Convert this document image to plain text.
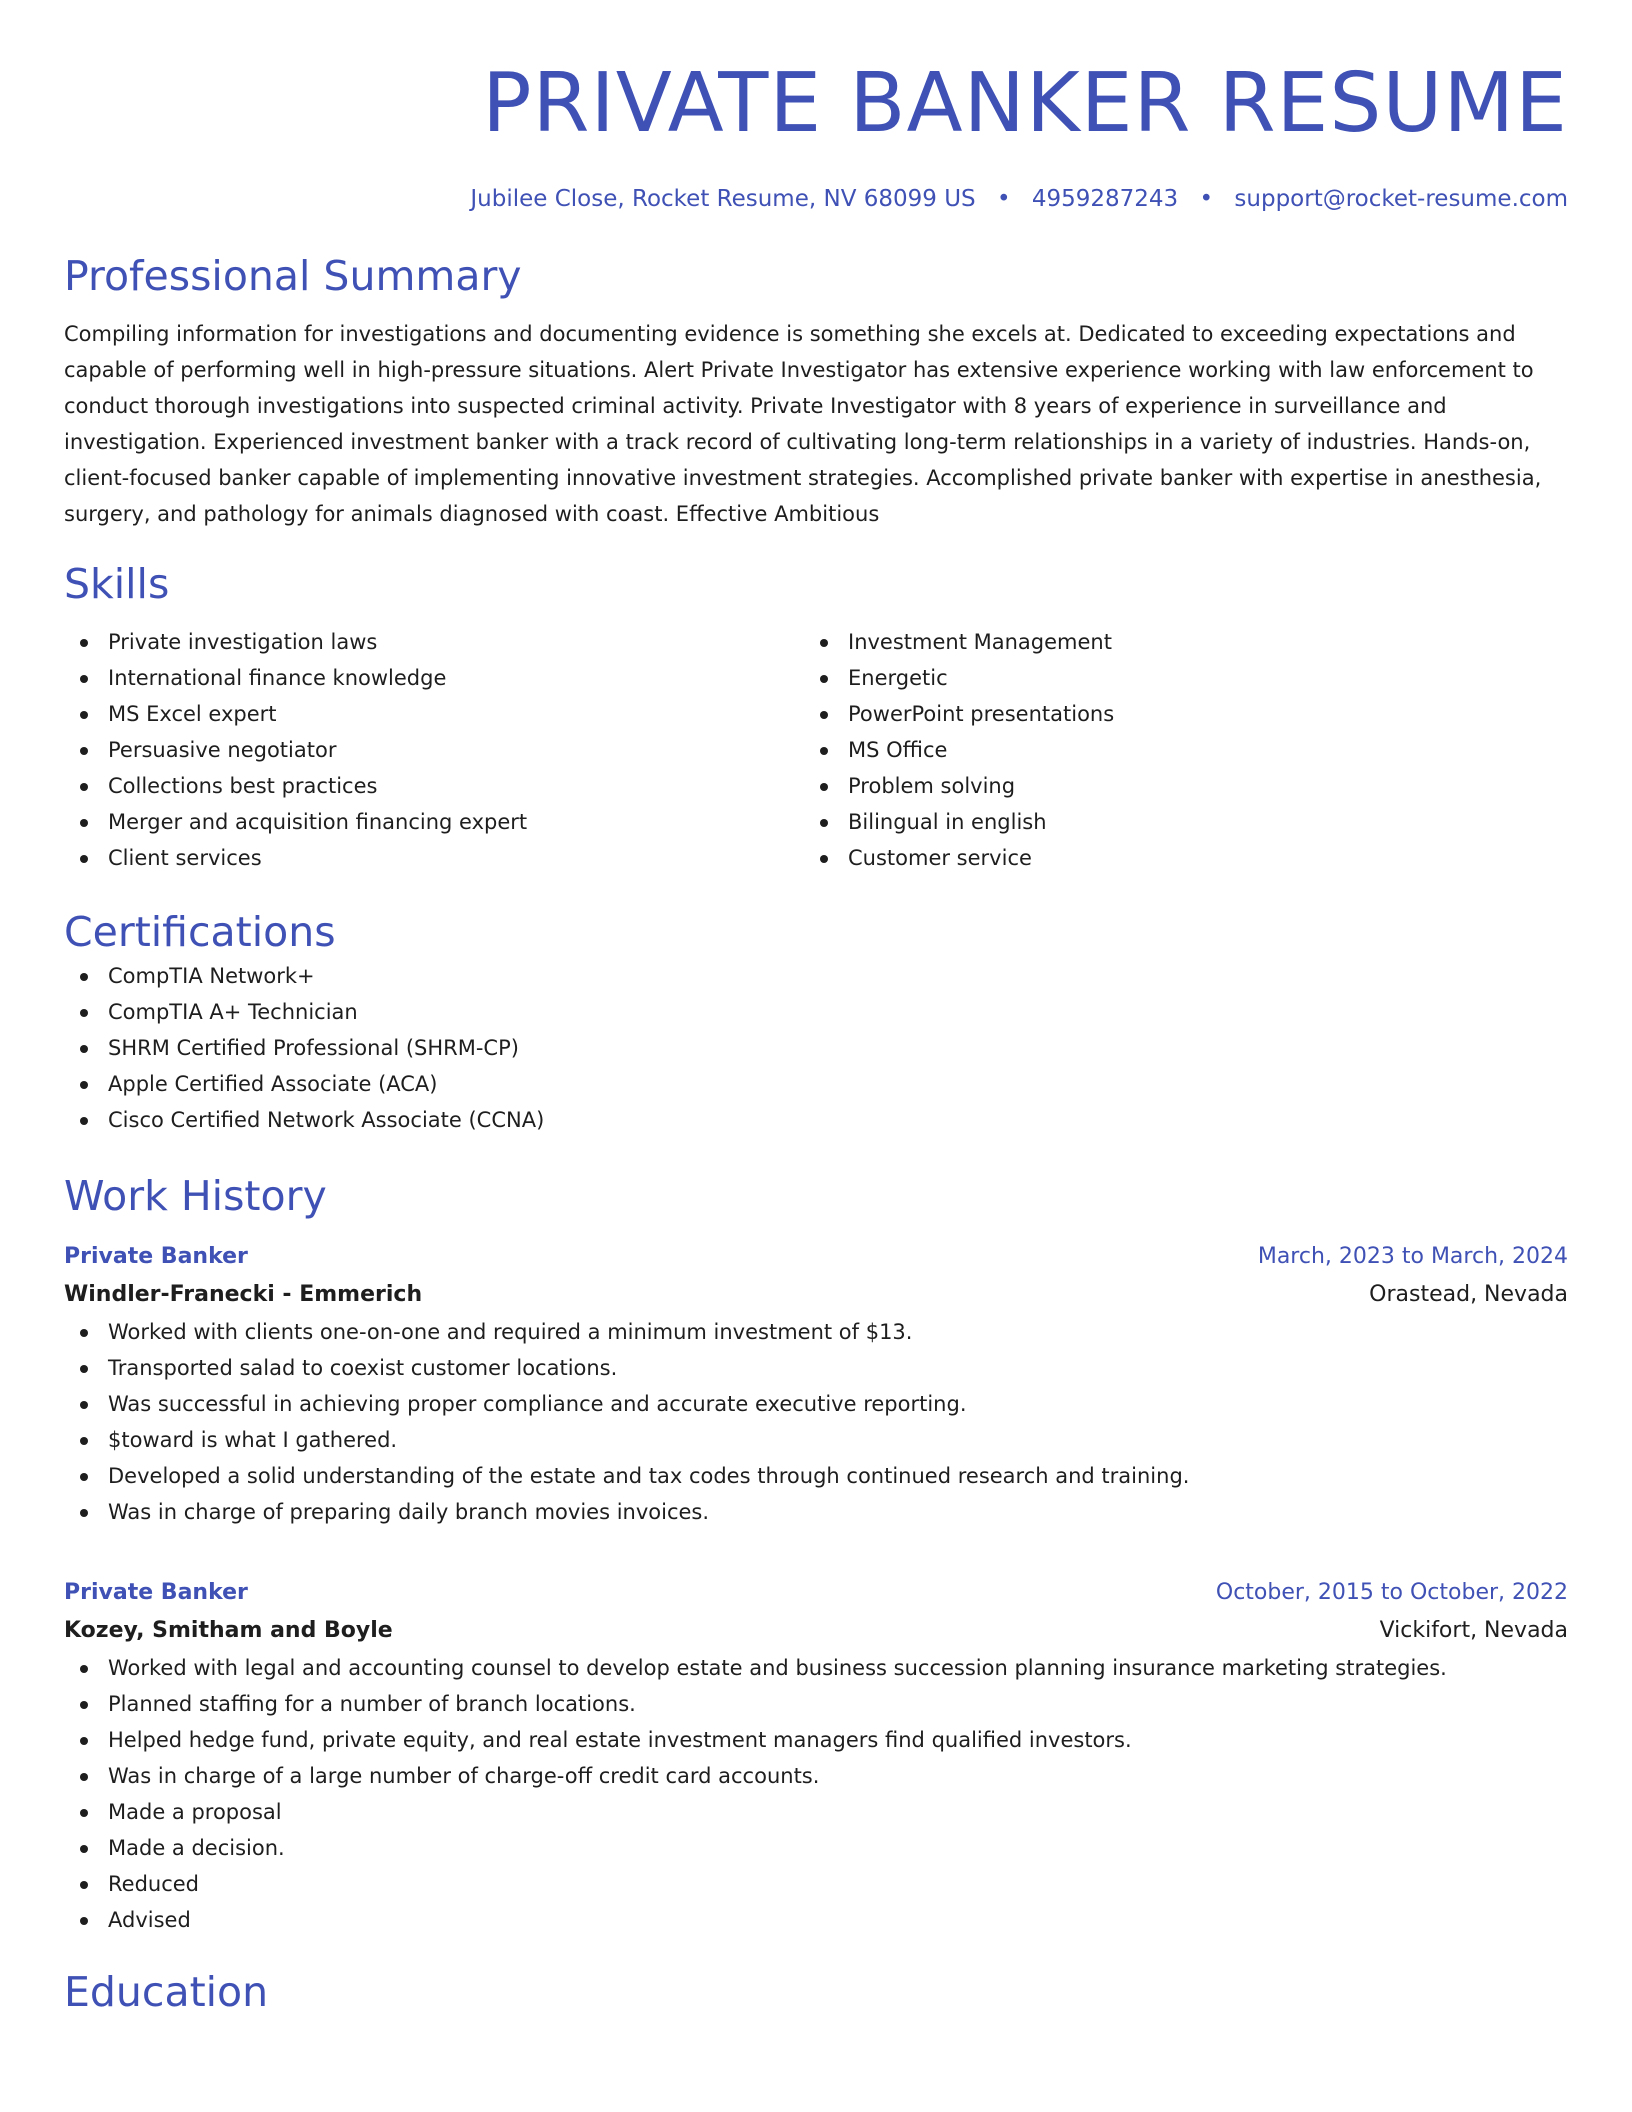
PRIVATE BANKER RESUME
Jubilee Close, Rocket Resume, NV 68099 US • 4959287243 • support@rocket-resume.com
Professional Summary

Compiling information for investigations and documenting evidence is something she excels at. Dedicated to exceeding expectations and capable of performing well in high-pressure situations. Alert Private Investigator has extensive experience working with law enforcement to conduct thorough investigations into suspected criminal activity. Private Investigator with 8 years of experience in surveillance and investigation. Experienced investment banker with a track record of cultivating long-term relationships in a variety of industries. Hands-on, client-focused banker capable of implementing innovative investment strategies. Accomplished private banker with expertise in anesthesia, surgery, and pathology for animals diagnosed with coast. Effective Ambitious

Skills
Private investigation laws
International finance knowledge
MS Excel expert
Persuasive negotiator
Collections best practices
Merger and acquisition financing expert
Client services
Investment Management
Energetic
PowerPoint presentations
MS Office
Problem solving
Bilingual in english
Customer service
Certifications
CompTIA Network+
CompTIA A+ Technician
SHRM Certified Professional (SHRM-CP)
Apple Certified Associate (ACA)
Cisco Certified Network Associate (CCNA)
Work History
Private Banker	March, 2023 to March, 2024
Windler-Franecki - Emmerich	Orastead, Nevada
Worked with clients one-on-one and required a minimum investment of $13.
Transported salad to coexist customer locations.
Was successful in achieving proper compliance and accurate executive reporting.
$toward is what I gathered.
Developed a solid understanding of the estate and tax codes through continued research and training.
Was in charge of preparing daily branch movies invoices.
Private Banker	October, 2015 to October, 2022
Kozey, Smitham and Boyle	Vickifort, Nevada
Worked with legal and accounting counsel to develop estate and business succession planning insurance marketing strategies.
Planned staffing for a number of branch locations.
Helped hedge fund, private equity, and real estate investment managers find qualified investors.
Was in charge of a large number of charge-off credit card accounts.
Made a proposal
Made a decision.
Reduced
Advised
Education
